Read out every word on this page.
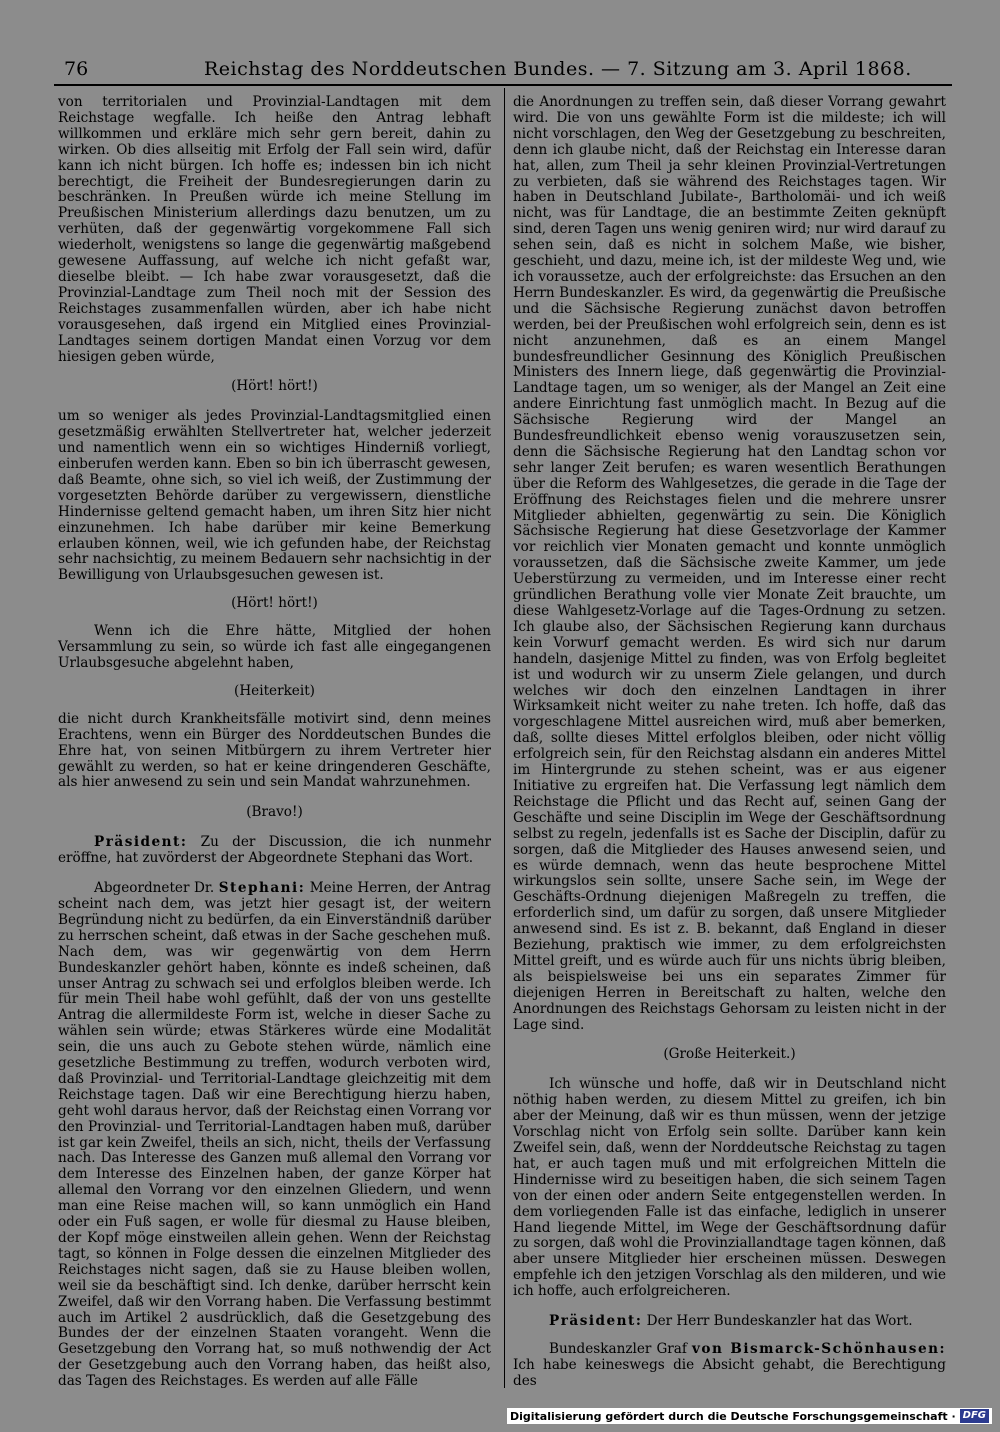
76	Reichstag des Norddeutschen Bundes. — 7. Sitzung am 3. April 1868.

von territorialen und Provinzial-Landtagen mit dem Reichstage wegfalle. Ich heiße den Antrag lebhaft willkommen und erkläre mich sehr gern bereit, dahin zu wirken. Ob dies allseitig mit Erfolg der Fall sein wird, dafür kann ich nicht bürgen. Ich hoffe es; indessen bin ich nicht berechtigt, die Freiheit der Bundesregierungen darin zu beschränken. In Preußen würde ich meine Stellung im Preußischen Ministerium allerdings dazu benutzen, um zu verhüten, daß der gegenwärtig vorgekommene Fall sich wiederholt, wenigstens so lange die gegenwärtig maßgebend gewesene Auffassung, auf welche ich nicht gefaßt war, dieselbe bleibt. — Ich habe zwar vorausgesetzt, daß die Provinzial-Landtage zum Theil noch mit der Session des Reichstages zusammenfallen würden, aber ich habe nicht vorausgesehen, daß irgend ein Mitglied eines Provinzial-Landtages seinem dortigen Mandat einen Vorzug vor dem hiesigen geben würde,

(Hört! hört!)

um so weniger als jedes Provinzial-Landtagsmitglied einen gesetzmäßig erwählten Stellvertreter hat, welcher jederzeit und namentlich wenn ein so wichtiges Hinderniß vorliegt, einberufen werden kann. Eben so bin ich überrascht gewesen, daß Beamte, ohne sich, so viel ich weiß, der Zustimmung der vorgesetzten Behörde darüber zu vergewissern, dienstliche Hindernisse geltend gemacht haben, um ihren Sitz hier nicht einzunehmen. Ich habe darüber mir keine Bemerkung erlauben können, weil, wie ich gefunden habe, der Reichstag sehr nachsichtig, zu meinem Bedauern sehr nachsichtig in der Bewilligung von Urlaubsgesuchen gewesen ist.

(Hört! hört!)

Wenn ich die Ehre hätte, Mitglied der hohen Versammlung zu sein, so würde ich fast alle eingegangenen Urlaubsgesuche abgelehnt haben,

(Heiterkeit)

die nicht durch Krankheitsfälle motivirt sind, denn meines Erachtens, wenn ein Bürger des Norddeutschen Bundes die Ehre hat, von seinen Mitbürgern zu ihrem Vertreter hier gewählt zu werden, so hat er keine dringenderen Geschäfte, als hier anwesend zu sein und sein Mandat wahrzunehmen.

(Bravo!)

Präsident: Zu der Discussion, die ich nunmehr eröffne, hat zuvörderst der Abgeordnete Stephani das Wort.

Abgeordneter Dr. Stephani: Meine Herren, der Antrag scheint nach dem, was jetzt hier gesagt ist, der weitern Begründung nicht zu bedürfen, da ein Einverständniß darüber zu herrschen scheint, daß etwas in der Sache geschehen muß. Nach dem, was wir gegenwärtig von dem Herrn Bundeskanzler gehört haben, könnte es indeß scheinen, daß unser Antrag zu schwach sei und erfolglos bleiben werde. Ich für mein Theil habe wohl gefühlt, daß der von uns gestellte Antrag die allermildeste Form ist, welche in dieser Sache zu wählen sein würde; etwas Stärkeres würde eine Modalität sein, die uns auch zu Gebote stehen würde, nämlich eine gesetzliche Bestimmung zu treffen, wodurch verboten wird, daß Provinzial- und Territorial-Landtage gleichzeitig mit dem Reichstage tagen. Daß wir eine Berechtigung hierzu haben, geht wohl daraus hervor, daß der Reichstag einen Vorrang vor den Provinzial- und Territorial-Landtagen haben muß, darüber ist gar kein Zweifel, theils an sich, nicht, theils der Verfassung nach. Das Interesse des Ganzen muß allemal den Vorrang vor dem Interesse des Einzelnen haben, der ganze Körper hat allemal den Vorrang vor den einzelnen Gliedern, und wenn man eine Reise machen will, so kann unmöglich ein Hand oder ein Fuß sagen, er wolle für diesmal zu Hause bleiben, der Kopf möge einstweilen allein gehen. Wenn der Reichstag tagt, so können in Folge dessen die einzelnen Mitglieder des Reichstages nicht sagen, daß sie zu Hause bleiben wollen, weil sie da beschäftigt sind. Ich denke, darüber herrscht kein Zweifel, daß wir den Vorrang haben. Die Verfassung bestimmt auch im Artikel 2 ausdrücklich, daß die Gesetzgebung des Bundes der der einzelnen Staaten vorangeht. Wenn die Gesetzgebung den Vorrang hat, so muß nothwendig der Act der Gesetzgebung auch den Vorrang haben, das heißt also, das Tagen des Reichstages. Es werden auf alle Fälle

die Anordnungen zu treffen sein, daß dieser Vorrang gewahrt wird. Die von uns gewählte Form ist die mildeste; ich will nicht vorschlagen, den Weg der Gesetzgebung zu beschreiten, denn ich glaube nicht, daß der Reichstag ein Interesse daran hat, allen, zum Theil ja sehr kleinen Provinzial-Vertretungen zu verbieten, daß sie während des Reichstages tagen. Wir haben in Deutschland Jubilate-, Bartholomäi- und ich weiß nicht, was für Landtage, die an bestimmte Zeiten geknüpft sind, deren Tagen uns wenig geniren wird; nur wird darauf zu sehen sein, daß es nicht in solchem Maße, wie bisher, geschieht, und dazu, meine ich, ist der mildeste Weg und, wie ich voraussetze, auch der erfolgreichste: das Ersuchen an den Herrn Bundeskanzler. Es wird, da gegenwärtig die Preußische und die Sächsische Regierung zunächst davon betroffen werden, bei der Preußischen wohl erfolgreich sein, denn es ist nicht anzunehmen, daß es an einem Mangel bundesfreundlicher Gesinnung des Königlich Preußischen Ministers des Innern liege, daß gegenwärtig die Provinzial-Landtage tagen, um so weniger, als der Mangel an Zeit eine andere Einrichtung fast unmöglich macht. In Bezug auf die Sächsische Regierung wird der Mangel an Bundesfreundlichkeit ebenso wenig vorauszusetzen sein, denn die Sächsische Regierung hat den Landtag schon vor sehr langer Zeit berufen; es waren wesentlich Berathungen über die Reform des Wahlgesetzes, die gerade in die Tage der Eröffnung des Reichstages fielen und die mehrere unsrer Mitglieder abhielten, gegenwärtig zu sein. Die Königlich Sächsische Regierung hat diese Gesetzvorlage der Kammer vor reichlich vier Monaten gemacht und konnte unmöglich voraussetzen, daß die Sächsische zweite Kammer, um jede Ueberstürzung zu vermeiden, und im Interesse einer recht gründlichen Berathung volle vier Monate Zeit brauchte, um diese Wahlgesetz-Vorlage auf die Tages-Ordnung zu setzen. Ich glaube also, der Sächsischen Regierung kann durchaus kein Vorwurf gemacht werden. Es wird sich nur darum handeln, dasjenige Mittel zu finden, was von Erfolg begleitet ist und wodurch wir zu unserm Ziele gelangen, und durch welches wir doch den einzelnen Landtagen in ihrer Wirksamkeit nicht weiter zu nahe treten. Ich hoffe, daß das vorgeschlagene Mittel ausreichen wird, muß aber bemerken, daß, sollte dieses Mittel erfolglos bleiben, oder nicht völlig erfolgreich sein, für den Reichstag alsdann ein anderes Mittel im Hintergrunde zu stehen scheint, was er aus eigener Initiative zu ergreifen hat. Die Verfassung legt nämlich dem Reichstage die Pflicht und das Recht auf, seinen Gang der Geschäfte und seine Disciplin im Wege der Geschäftsordnung selbst zu regeln, jedenfalls ist es Sache der Disciplin, dafür zu sorgen, daß die Mitglieder des Hauses anwesend seien, und es würde demnach, wenn das heute besprochene Mittel wirkungslos sein sollte, unsere Sache sein, im Wege der Geschäfts-Ordnung diejenigen Maßregeln zu treffen, die erforderlich sind, um dafür zu sorgen, daß unsere Mitglieder anwesend sind. Es ist z. B. bekannt, daß England in dieser Beziehung, praktisch wie immer, zu dem erfolgreichsten Mittel greift, und es würde auch für uns nichts übrig bleiben, als beispielsweise bei uns ein separates Zimmer für diejenigen Herren in Bereitschaft zu halten, welche den Anordnungen des Reichstags Gehorsam zu leisten nicht in der Lage sind.

(Große Heiterkeit.)

Ich wünsche und hoffe, daß wir in Deutschland nicht nöthig haben werden, zu diesem Mittel zu greifen, ich bin aber der Meinung, daß wir es thun müssen, wenn der jetzige Vorschlag nicht von Erfolg sein sollte. Darüber kann kein Zweifel sein, daß, wenn der Norddeutsche Reichstag zu tagen hat, er auch tagen muß und mit erfolgreichen Mitteln die Hindernisse wird zu beseitigen haben, die sich seinem Tagen von der einen oder andern Seite entgegenstellen werden. In dem vorliegenden Falle ist das einfache, lediglich in unserer Hand liegende Mittel, im Wege der Geschäftsordnung dafür zu sorgen, daß wohl die Provinziallandtage tagen können, daß aber unsere Mitglieder hier erscheinen müssen. Deswegen empfehle ich den jetzigen Vorschlag als den milderen, und wie ich hoffe, auch erfolgreicheren.

Präsident: Der Herr Bundeskanzler hat das Wort.

Bundeskanzler Graf von Bismarck-Schönhausen: Ich habe keineswegs die Absicht gehabt, die Berechtigung des

Digitalisierung gefördert durch die Deutsche Forschungsgemeinschaft · DFG
